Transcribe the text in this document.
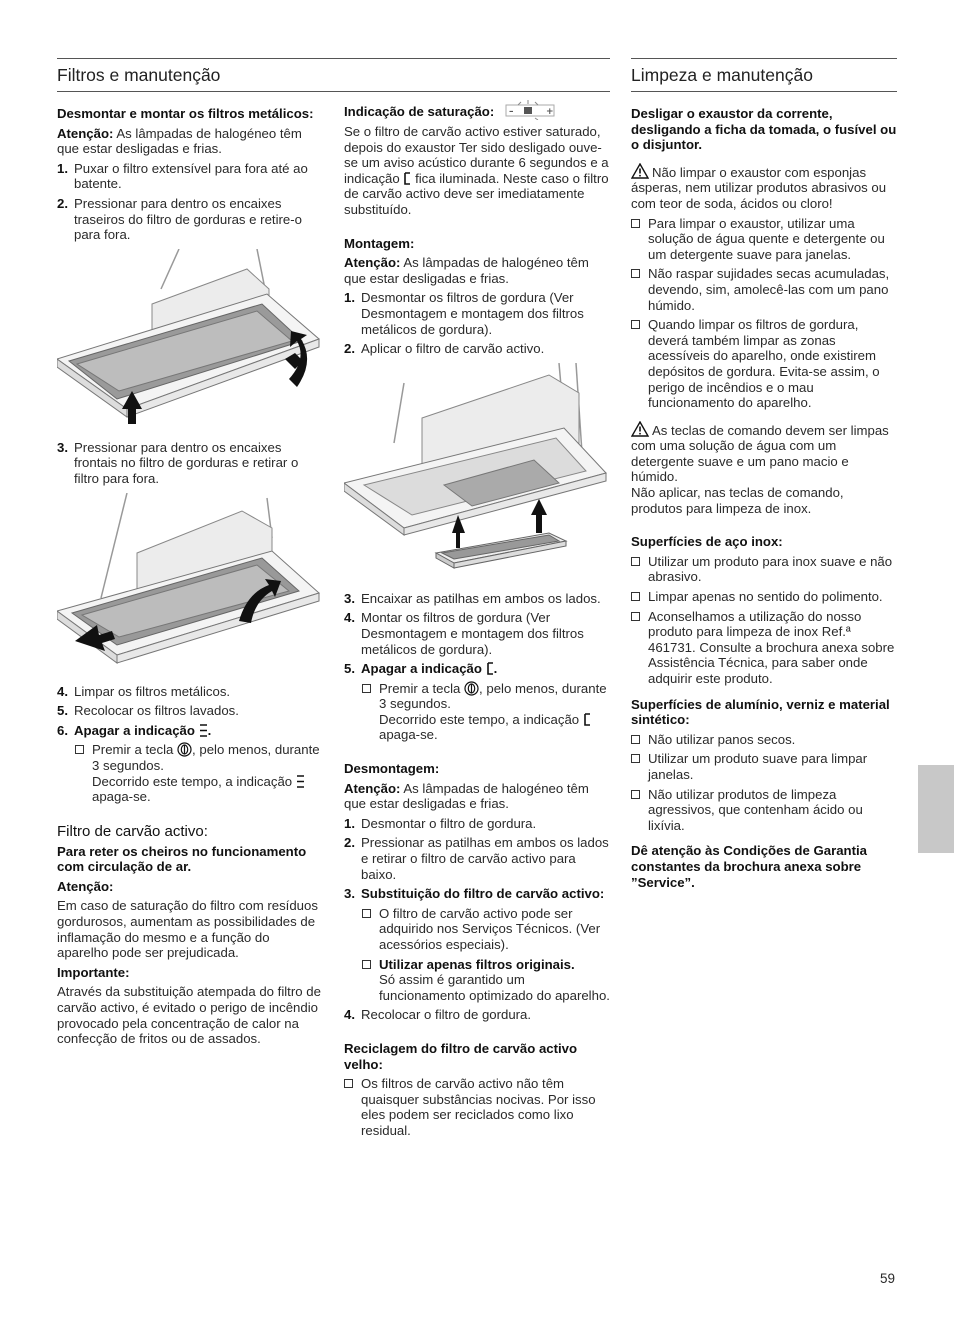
Filtros e manutenção

Desmontar e montar os filtros metálicos:

Atenção: As lâmpadas de halogéneo têm que estar desligadas e frias.

1. Puxar o filtro extensível para fora até ao batente.
2. Pressionar para dentro os encaixes traseiros do filtro de gorduras e retire-o para fora.
3. Pressionar para dentro os encaixes frontais no filtro de gorduras e retirar o filtro para fora.
4. Limpar os filtros metálicos.
5. Recolocar os filtros lavados.
6. Apagar a indicação .
Premir a tecla , pelo menos, durante 3 segundos.
Decorrido este tempo, a indicação  apaga-se.

Filtro de carvão activo:

Para reter os cheiros no funcionamento com circulação de ar.

Atenção:

Em caso de saturação do filtro com resíduos gordurosos, aumentam as possibilidades de inflamação do mesmo e a função do aparelho pode ser prejudicada.

Importante:

Através da substituição atempada do filtro de carvão activo, é evitado o perigo de incêndio provocado pela concentração de calor na confecção de fritos ou de assados.

Indicação de saturação: –	+

Se o filtro de carvão activo estiver saturado, depois do exaustor Ter sido desligado ouve-se um aviso acústico durante 6 segundos e a indicação fica iluminada. Neste caso o filtro de carvão activo deve ser imediatamente substituído.

Montagem:

Atenção: As lâmpadas de halogéneo têm que estar desligadas e frias.

1. Desmontar os filtros de gordura (Ver Desmontagem e montagem dos filtros metálicos de gordura).
2. Aplicar o filtro de carvão activo.
3. Encaixar as patilhas em ambos os lados.
4. Montar os filtros de gordura (Ver Desmontagem e montagem dos filtros metálicos de gordura).
5. Apagar a indicação .
Premir a tecla , pelo menos, durante 3 segundos.
Decorrido este tempo, a indicação  apaga-se.

Desmontagem:

Atenção: As lâmpadas de halogéneo têm que estar desligadas e frias.

1. Desmontar o filtro de gordura.
2. Pressionar as patilhas em ambos os lados e retirar o filtro de carvão activo para baixo.
3. Substituição do filtro de carvão activo:
O filtro de carvão activo pode ser adquirido nos Serviços Técnicos. (Ver acessórios especiais).
Utilizar apenas filtros originais.
Só assim é garantido um funcionamento optimizado do aparelho.
4. Recolocar o filtro de gordura.

Reciclagem do filtro de carvão activo velho:

Os filtros de carvão activo não têm quaisquer substâncias nocivas. Por isso eles podem ser reciclados como lixo residual.
Limpeza e manutenção

Desligar o exaustor da corrente, desligando a ficha da tomada, o fusível ou o disjuntor.

Não limpar o exaustor com esponjas ásperas, nem utilizar produtos abrasivos ou com teor de soda, ácidos ou cloro!

Para limpar o exaustor, utilizar uma solução de água quente e detergente ou um detergente suave para janelas.
Não raspar sujidades secas acumuladas, devendo, sim, amolecê-las com um pano húmido.
Quando limpar os filtros de gordura, deverá também limpar as zonas acessíveis do aparelho, onde existirem depósitos de gordura. Evita-se assim, o perigo de incêndios e o mau funcionamento do aparelho.

As teclas de comando devem ser limpas com uma solução de água com um detergente suave e um pano macio e húmido.
Não aplicar, nas teclas de comando, produtos para limpeza de inox.

Superfícies de aço inox:

Utilizar um produto para inox suave e não abrasivo.
Limpar apenas no sentido do polimento.
Aconselhamos a utilização do nosso produto para limpeza de inox Ref.ª 461731. Consulte a brochura anexa sobre Assistência Técnica, para saber onde adquirir este produto.

Superfícies de alumínio, verniz e material sintético:

Não utilizar panos secos.
Utilizar um produto suave para limpar janelas.
Não utilizar produtos de limpeza agressivos, que contenham ácido ou lixívia.

Dê atenção às Condições de Garantia constantes da brochura anexa sobre ”Service”.

59
